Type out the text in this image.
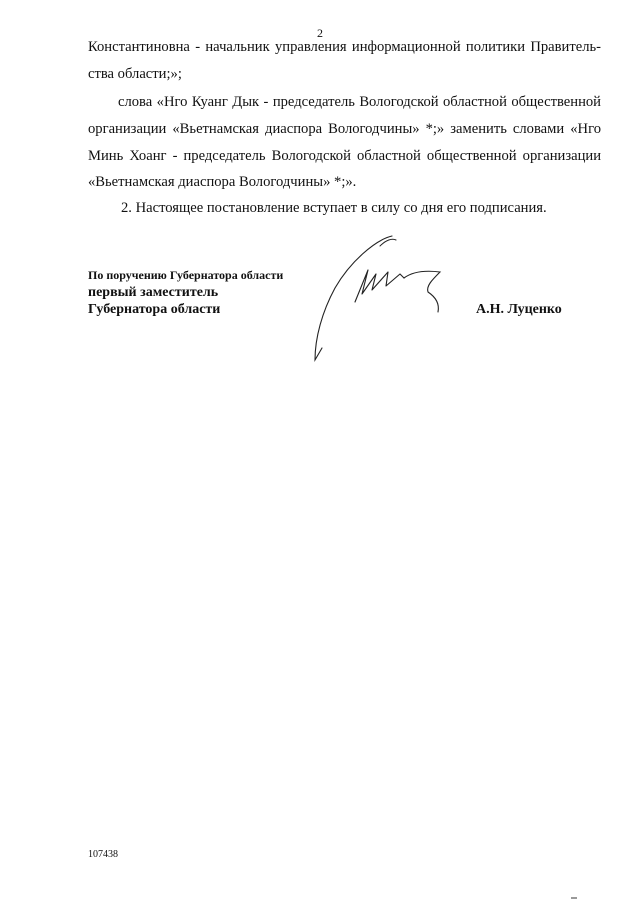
2
Константиновна - начальник управления информационной политики Правитель-
ства области;»;
слова «Нго Куанг Дык - председатель Вологодской областной общественной
организации «Вьетнамская диаспора Вологодчины» *;» заменить словами «Нго
Минь Хоанг - председатель Вологодской областной общественной организации
«Вьетнамская диаспора Вологодчины» *;».
2. Настоящее постановление вступает в силу со дня его подписания.
По поручению Губернатора области
первый заместитель
Губернатора области	А.Н. Луценко
107438
